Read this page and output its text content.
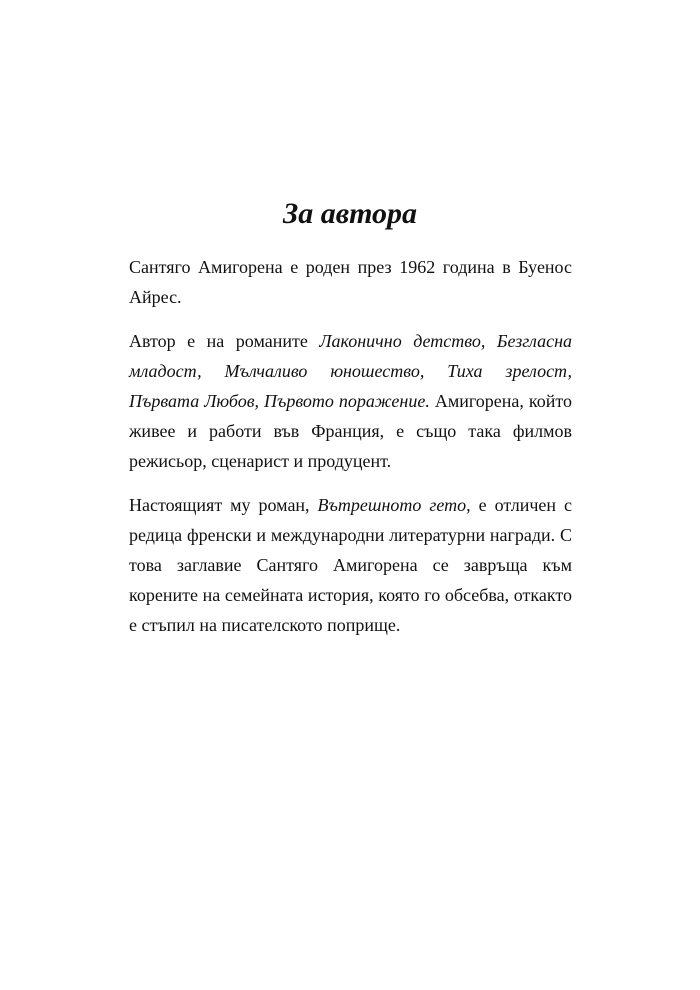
За автора

Сантяго Амигорена е роден през 1962 година в Буенос Айрес.

Автор е на романите Лаконично детство, Безгласна младост, Мълчаливо юношество, Тиха зрелост, Първата Любов, Първото поражение. Амигорена, който живее и работи във Франция, е също така филмов режисьор, сценарист и продуцент.

Настоящият му роман, Вътрешното гето, е отличен с редица френски и международни литературни награди. С това заглавие Сантяго Амигорена се завръща към корените на семейната история, която го обсебва, откакто е стъпил на писателското поприще.
